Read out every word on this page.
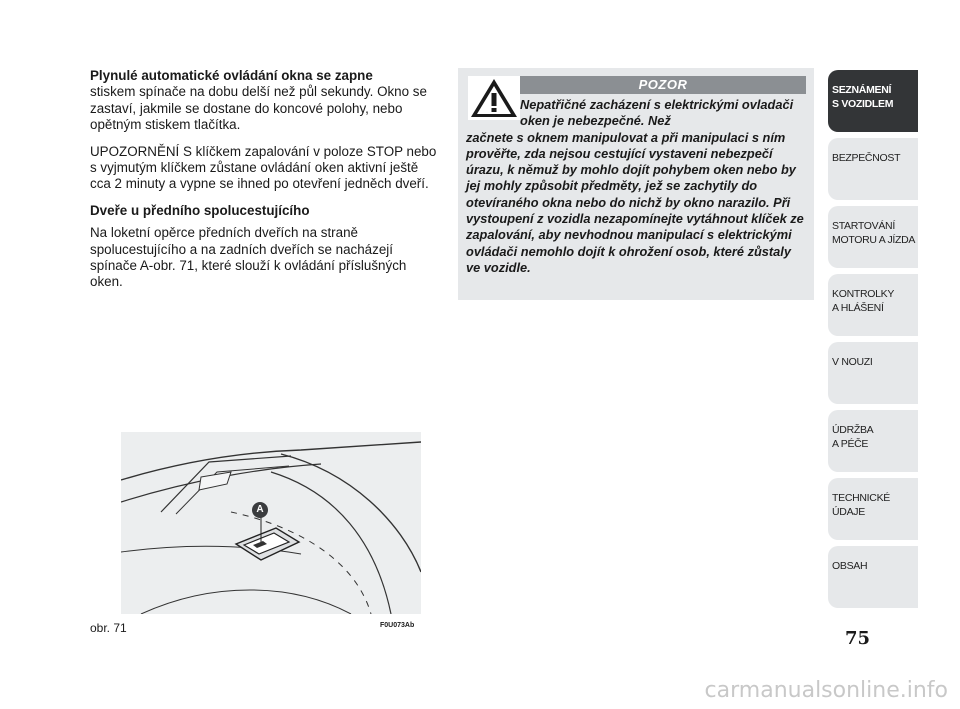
Plynulé automatické ovládání okna se zapne

stiskem spínače na dobu delší než půl sekundy. Okno se zastaví, jakmile se dostane do koncové polohy, nebo opětným stiskem tlačítka.

UPOZORNĚNÍ S klíčkem zapalování v poloze STOP nebo s vyjmutým klíčkem zůstane ovládání oken aktivní ještě cca 2 minuty a vypne se ihned po otevření jedněch dveří.

Dveře u předního spolucestujícího

Na loketní opěrce předních dveřích na straně spolucestujícího a na zadních dveřích se nacházejí spínače A-obr. 71, které slouží k ovládání příslušných oken.

POZOR
Nepatřičné zacházení s elektrickými ovladači oken je nebezpečné. Než
začnete s oknem manipulovat a při manipulaci s ním prověřte, zda nejsou cestující vystaveni nebezpečí úrazu, k němuž by mohlo dojít pohybem oken nebo by jej mohly způsobit předměty, jež se zachytily do otevíraného okna nebo do nichž by okno narazilo. Při vystoupení z vozidla nezapomínejte vytáhnout klíček ze zapalování, aby nevhodnou manipulací s elektrickými ovládači nemohlo dojít k ohrožení osob, které zůstaly ve vozidle.
A
obr. 71	F0U073Ab
SEZNÁMENÍ
S VOZIDLEM
BEZPEČNOST
STARTOVÁNÍ
MOTORU A JÍZDA
KONTROLKY
A HLÁŠENÍ
V NOUZI
ÚDRŽBA
A PÉČE
TECHNICKÉ
ÚDAJE
OBSAH
75
carmanualsonline.info
